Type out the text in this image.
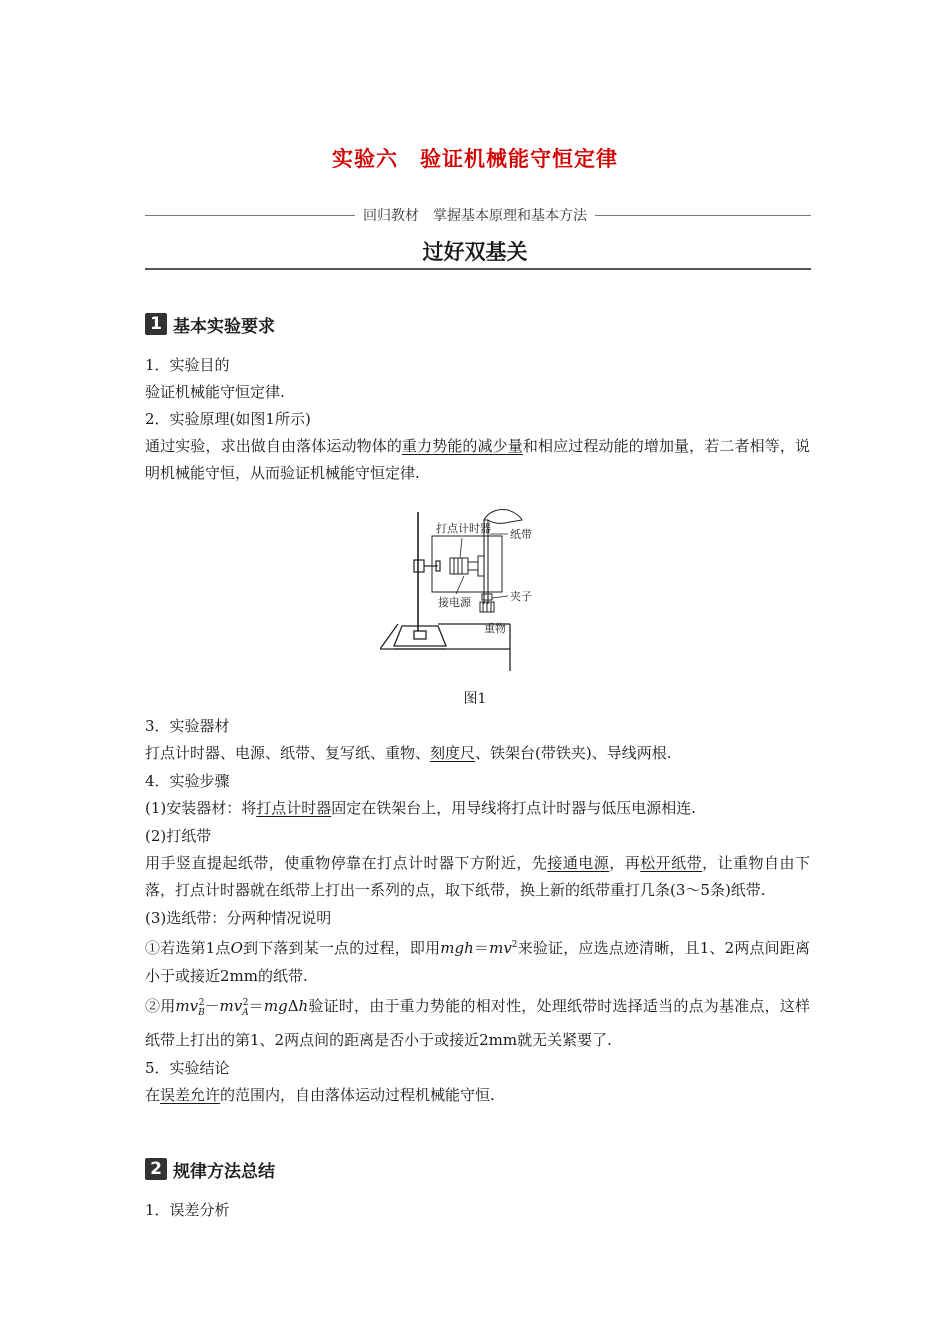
实验六　验证机械能守恒定律
回归教材　掌握基本原理和基本方法
过好双基关
1 基本实验要求

1．实验目的

验证机械能守恒定律.

2．实验原理(如图1所示)

通过实验，求出做自由落体运动物体的重力势能的减少量和相应过程动能的增加量，若二者相等，说明机械能守恒，从而验证机械能守恒定律.

打点计时器 纸带
接电源	夹子
重物
图1

3．实验器材

打点计时器、电源、纸带、复写纸、重物、刻度尺、铁架台(带铁夹)、导线两根.

4．实验步骤

(1)安装器材：将打点计时器固定在铁架台上，用导线将打点计时器与低压电源相连.

(2)打纸带

用手竖直提起纸带，使重物停靠在打点计时器下方附近，先接通电源，再松开纸带，让重物自由下落，打点计时器就在纸带上打出一系列的点，取下纸带，换上新的纸带重打几条(3～5条)纸带.

(3)选纸带：分两种情况说明

①若选第1点O到下落到某一点的过程，即用$mgh=mv^2$来验证，应选点迹清晰，且1、2两点间距离小于或接近2mm的纸带.

②用$mv_B^2-mv_A^2=mg\Delta h$验证时，由于重力势能的相对性，处理纸带时选择适当的点为基准点，这样纸带上打出的第1、2两点间的距离是否小于或接近2mm就无关紧要了.

5．实验结论

在误差允许的范围内，自由落体运动过程机械能守恒.

2 规律方法总结

1．误差分析
